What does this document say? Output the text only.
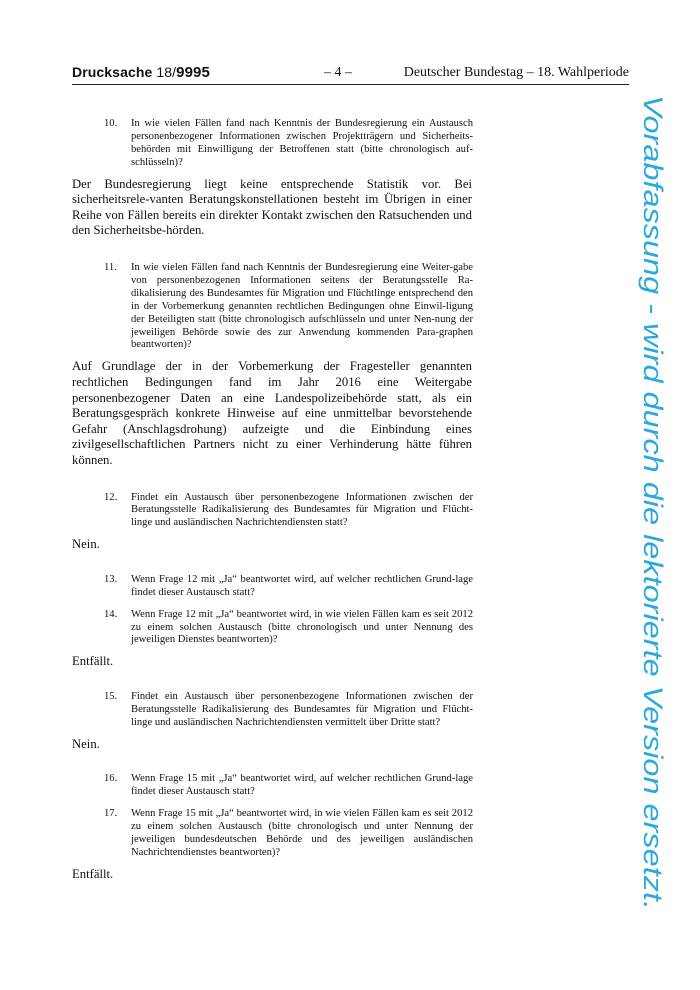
Drucksache 18/9995	– 4 –	Deutscher Bundestag – 18. Wahlperiode
10.	In wie vielen Fällen fand nach Kenntnis der Bundesregierung ein Austausch personenbezogener Informationen zwischen Projektträgern und Sicherheits-behörden mit Einwilligung der Betroffenen statt (bitte chronologisch auf-schlüsseln)?
Der Bundesregierung liegt keine entsprechende Statistik vor. Bei sicherheitsrele-vanten Beratungskonstellationen besteht im Übrigen in einer Reihe von Fällen bereits ein direkter Kontakt zwischen den Ratsuchenden und den Sicherheitsbe-hörden.
11.	In wie vielen Fällen fand nach Kenntnis der Bundesregierung eine Weiter-gabe von personenbezogenen Informationen seitens der Beratungsstelle Ra-dikalisierung des Bundesamtes für Migration und Flüchtlinge entsprechend den in der Vorbemerkung genannten rechtlichen Bedingungen ohne Einwil-ligung der Beteiligten statt (bitte chronologisch aufschlüsseln und unter Nen-nung der jeweiligen Behörde sowie des zur Anwendung kommenden Para-graphen beantworten)?
Auf Grundlage der in der Vorbemerkung der Fragesteller genannten rechtlichen Bedingungen fand im Jahr 2016 eine Weitergabe personenbezogener Daten an eine Landespolizeibehörde statt, als ein Beratungsgespräch konkrete Hinweise auf eine unmittelbar bevorstehende Gefahr (Anschlagsdrohung) aufzeigte und die Einbindung eines zivilgesellschaftlichen Partners nicht zu einer Verhinderung hätte führen können.
12.	Findet ein Austausch über personenbezogene Informationen zwischen der Beratungsstelle Radikalisierung des Bundesamtes für Migration und Flücht-linge und ausländischen Nachrichtendiensten statt?
Nein.
13.	Wenn Frage 12 mit „Ja“ beantwortet wird, auf welcher rechtlichen Grund-lage findet dieser Austausch statt?
14.	Wenn Frage 12 mit „Ja“ beantwortet wird, in wie vielen Fällen kam es seit 2012 zu einem solchen Austausch (bitte chronologisch und unter Nennung des jeweiligen Dienstes beantworten)?
Entfällt.
15.	Findet ein Austausch über personenbezogene Informationen zwischen der Beratungsstelle Radikalisierung des Bundesamtes für Migration und Flücht-linge und ausländischen Nachrichtendiensten vermittelt über Dritte statt?
Nein.
16.	Wenn Frage 15 mit „Ja“ beantwortet wird, auf welcher rechtlichen Grund-lage findet dieser Austausch statt?
17.	Wenn Frage 15 mit „Ja“ beantwortet wird, in wie vielen Fällen kam es seit 2012 zu einem solchen Austausch (bitte chronologisch und unter Nennung der jeweiligen bundesdeutschen Behörde und des jeweiligen ausländischen Nachrichtendienstes beantworten)?
Entfällt.
Vorabfassung - wird durch die lektorierte Version ersetzt.
